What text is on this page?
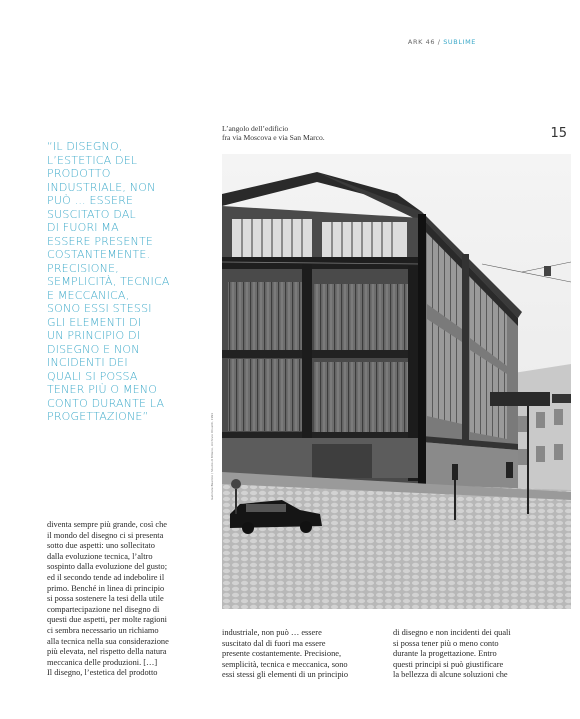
ARK 46 / SUBLIME
15
L’angolo dell’edificio
fra via Moscova e via San Marco.
“IL DISEGNO,
L’ESTETICA DEL
PRODOTTO
INDUSTRIALE, NON
PUÒ … ESSERE
SUSCITATO DAL
DI FUORI MA
ESSERE PRESENTE
COSTANTEMENTE.
PRECISIONE,
SEMPLICITÀ, TECNICA
E MECCANICA,
SONO ESSI STESSI
GLI ELEMENTI DI
UN PRINCIPIO DI
DISEGNO E NON
INCIDENTI DEI
QUALI SI POSSA
TENER PIÙ O MENO
CONTO DURANTE LA
PROGETTAZIONE”	Gabriele Basilico / Studio di Milano, Archivio Olivetti, 1991
diventa sempre più grande, così che
il mondo del disegno ci si presenta
sotto due aspetti: uno sollecitato
dalla evoluzione tecnica, l’altro
sospinto dalla evoluzione del gusto;
ed il secondo tende ad indebolire il
primo. Benché in linea di principio
si possa sostenere la tesi della utile
compartecipazione nel disegno di
questi due aspetti, per molte ragioni
ci sembra necessario un richiamo
alla tecnica nella sua considerazione
più elevata, nel rispetto della natura
meccanica delle produzioni. […]
Il disegno, l’estetica del prodotto
industriale, non può … essere
suscitato dal di fuori ma essere
presente costantemente. Precisione,
semplicità, tecnica e meccanica, sono
essi stessi gli elementi di un principio
di disegno e non incidenti dei quali
si possa tener più o meno conto
durante la progettazione. Entro
questi principi si può giustificare
la bellezza di alcune soluzioni che
